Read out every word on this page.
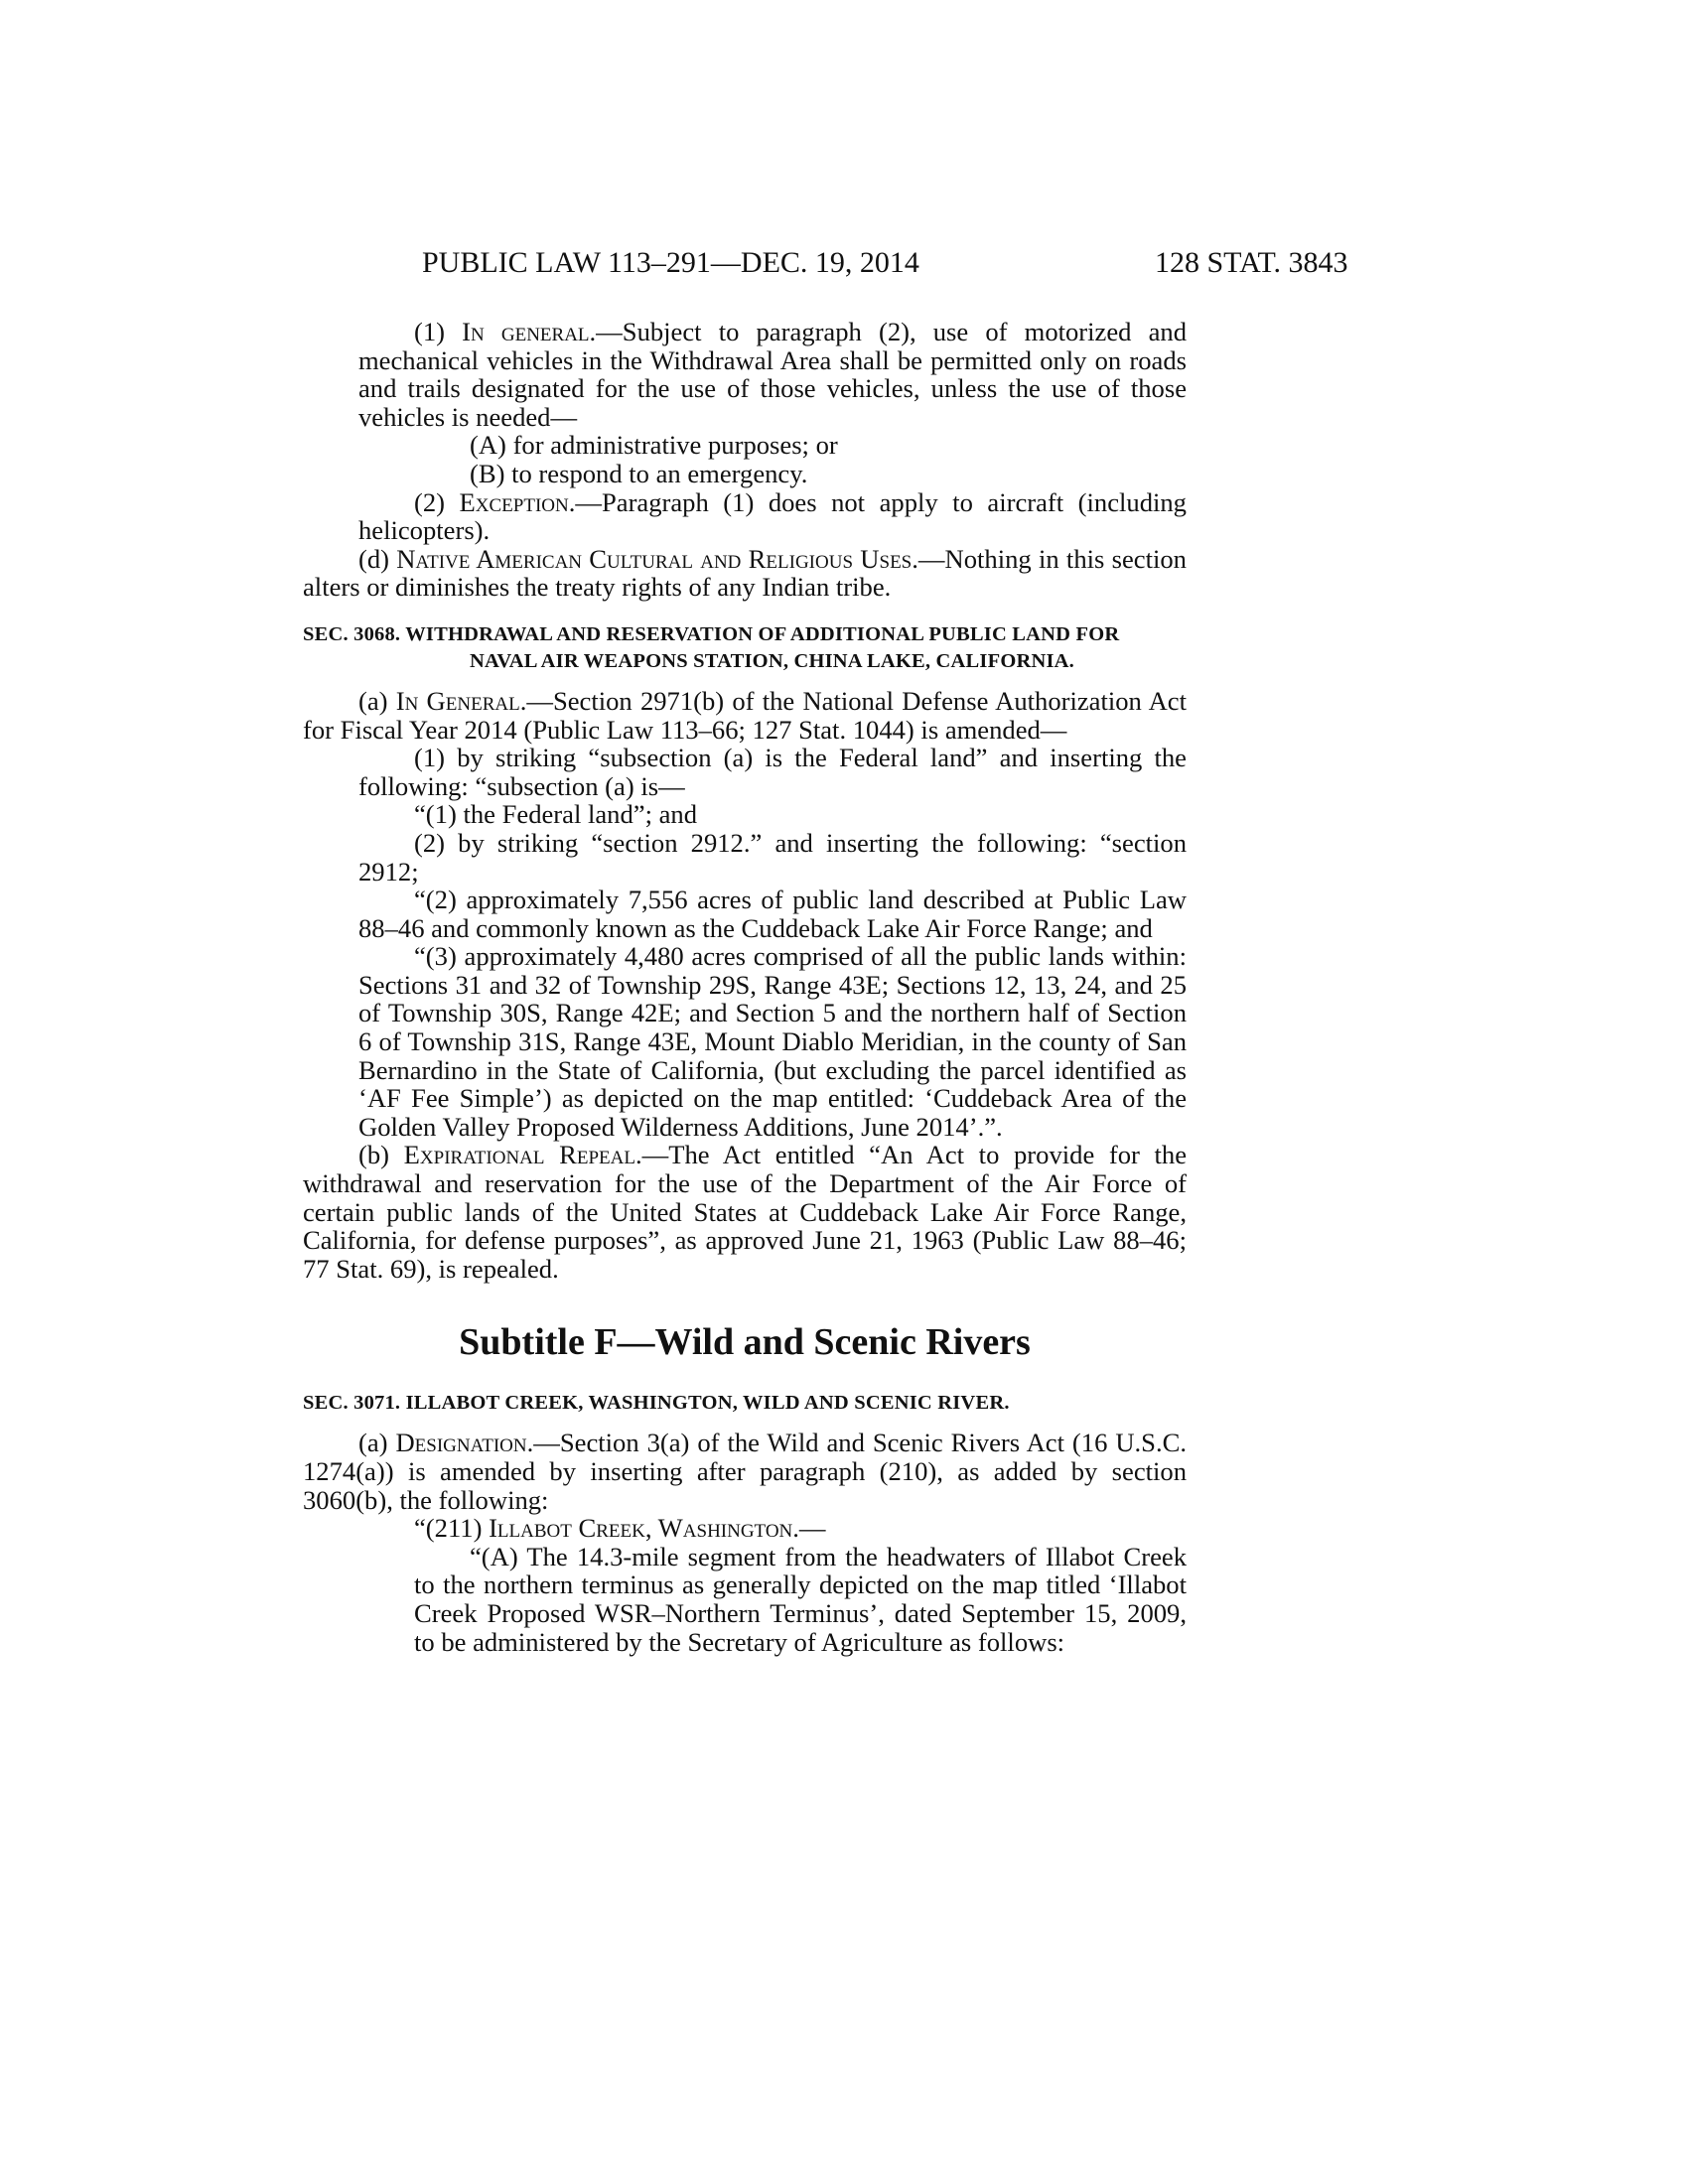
PUBLIC LAW 113–291—DEC. 19, 2014	128 STAT. 3843

(1) In general.—Subject to paragraph (2), use of motorized and mechanical vehicles in the Withdrawal Area shall be permitted only on roads and trails designated for the use of those vehicles, unless the use of those vehicles is needed—

(A) for administrative purposes; or

(B) to respond to an emergency.

(2) Exception.—Paragraph (1) does not apply to aircraft (including helicopters).

(d) Native American Cultural and Religious Uses.—Nothing in this section alters or diminishes the treaty rights of any Indian tribe.

SEC. 3068. WITHDRAWAL AND RESERVATION OF ADDITIONAL PUBLIC LAND FOR NAVAL AIR WEAPONS STATION, CHINA LAKE, CALIFORNIA.

(a) In General.—Section 2971(b) of the National Defense Authorization Act for Fiscal Year 2014 (Public Law 113–66; 127 Stat. 1044) is amended—

(1) by striking “subsection (a) is the Federal land” and inserting the following: “subsection (a) is—

“(1) the Federal land”; and

(2) by striking “section 2912.” and inserting the following: “section 2912;

“(2) approximately 7,556 acres of public land described at Public Law 88–46 and commonly known as the Cuddeback Lake Air Force Range; and

“(3) approximately 4,480 acres comprised of all the public lands within: Sections 31 and 32 of Township 29S, Range 43E; Sections 12, 13, 24, and 25 of Township 30S, Range 42E; and Section 5 and the northern half of Section 6 of Township 31S, Range 43E, Mount Diablo Meridian, in the county of San Bernardino in the State of California, (but excluding the parcel identified as ‘AF Fee Simple’) as depicted on the map entitled: ‘Cuddeback Area of the Golden Valley Proposed Wilderness Additions, June 2014’.”.

(b) Expirational Repeal.—The Act entitled “An Act to provide for the withdrawal and reservation for the use of the Department of the Air Force of certain public lands of the United States at Cuddeback Lake Air Force Range, California, for defense purposes”, as approved June 21, 1963 (Public Law 88–46; 77 Stat. 69), is repealed.

Subtitle F—Wild and Scenic Rivers

SEC. 3071. ILLABOT CREEK, WASHINGTON, WILD AND SCENIC RIVER.

(a) Designation.—Section 3(a) of the Wild and Scenic Rivers Act (16 U.S.C. 1274(a)) is amended by inserting after paragraph (210), as added by section 3060(b), the following:

“(211) Illabot Creek, Washington.—

“(A) The 14.3-mile segment from the headwaters of Illabot Creek to the northern terminus as generally depicted on the map titled ‘Illabot Creek Proposed WSR–Northern Terminus’, dated September 15, 2009, to be administered by the Secretary of Agriculture as follows:
